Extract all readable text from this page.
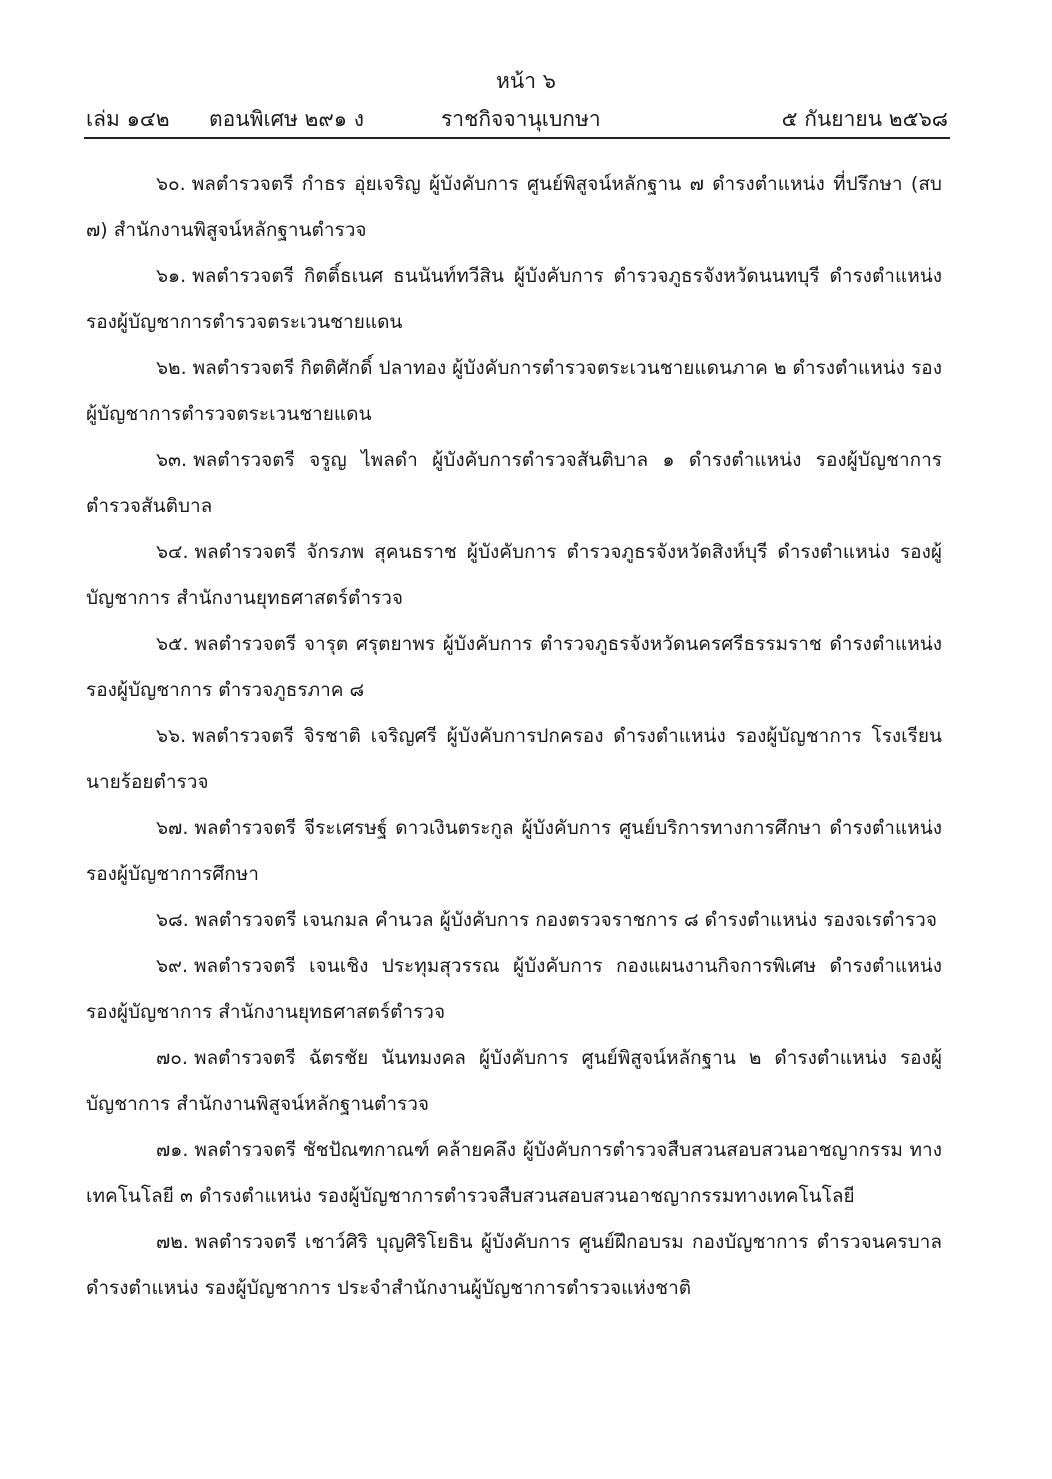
หน้า ๖
เล่ม ๑๔๒ ตอนพิเศษ ๒๙๑ ง	ราชกิจจานุเบกษา	๕ กันยายน ๒๕๖๘

๖๐. พลตำรวจตรี กำธร อุ่ยเจริญ ผู้บังคับการ ศูนย์พิสูจน์หลักฐาน ๗ ดำรงตำแหน่ง ที่ปรึกษา (สบ ๗) สำนักงานพิสูจน์หลักฐานตำรวจ

๖๑. พลตำรวจตรี กิตติ์ธเนศ ธนนันท์ทวีสิน ผู้บังคับการ ตำรวจภูธรจังหวัดนนทบุรี ดำรงตำแหน่ง รองผู้บัญชาการตำรวจตระเวนชายแดน

๖๒. พลตำรวจตรี กิตติศักดิ์ ปลาทอง ผู้บังคับการตำรวจตระเวนชายแดนภาค ๒ ดำรงตำแหน่ง รองผู้บัญชาการตำรวจตระเวนชายแดน

๖๓. พลตำรวจตรี จรูญ ไพลดำ ผู้บังคับการตำรวจสันติบาล ๑ ดำรงตำแหน่ง รองผู้บัญชาการ ตำรวจสันติบาล

๖๔. พลตำรวจตรี จักรภพ สุคนธราช ผู้บังคับการ ตำรวจภูธรจังหวัดสิงห์บุรี ดำรงตำแหน่ง รองผู้บัญชาการ สำนักงานยุทธศาสตร์ตำรวจ

๖๕. พลตำรวจตรี จารุต ศรุตยาพร ผู้บังคับการ ตำรวจภูธรจังหวัดนครศรีธรรมราช ดำรงตำแหน่ง รองผู้บัญชาการ ตำรวจภูธรภาค ๘

๖๖. พลตำรวจตรี จิรชาติ เจริญศรี ผู้บังคับการปกครอง ดำรงตำแหน่ง รองผู้บัญชาการ โรงเรียนนายร้อยตำรวจ

๖๗. พลตำรวจตรี จีระเศรษฐ์ ดาวเงินตระกูล ผู้บังคับการ ศูนย์บริการทางการศึกษา ดำรงตำแหน่ง รองผู้บัญชาการศึกษา

๖๘. พลตำรวจตรี เจนกมล คำนวล ผู้บังคับการ กองตรวจราชการ ๘ ดำรงตำแหน่ง รองจเรตำรวจ

๖๙. พลตำรวจตรี เจนเชิง ประทุมสุวรรณ ผู้บังคับการ กองแผนงานกิจการพิเศษ ดำรงตำแหน่ง รองผู้บัญชาการ สำนักงานยุทธศาสตร์ตำรวจ

๗๐. พลตำรวจตรี ฉัตรชัย นันทมงคล ผู้บังคับการ ศูนย์พิสูจน์หลักฐาน ๒ ดำรงตำแหน่ง รองผู้บัญชาการ สำนักงานพิสูจน์หลักฐานตำรวจ

๗๑. พลตำรวจตรี ชัชปัณฑกาณฑ์ คล้ายคลึง ผู้บังคับการตำรวจสืบสวนสอบสวนอาชญากรรม ทางเทคโนโลยี ๓ ดำรงตำแหน่ง รองผู้บัญชาการตำรวจสืบสวนสอบสวนอาชญากรรมทางเทคโนโลยี

๗๒. พลตำรวจตรี เชาว์ศิริ บุญศิริโยธิน ผู้บังคับการ ศูนย์ฝึกอบรม กองบัญชาการ ตำรวจนครบาล ดำรงตำแหน่ง รองผู้บัญชาการ ประจำสำนักงานผู้บัญชาการตำรวจแห่งชาติ
